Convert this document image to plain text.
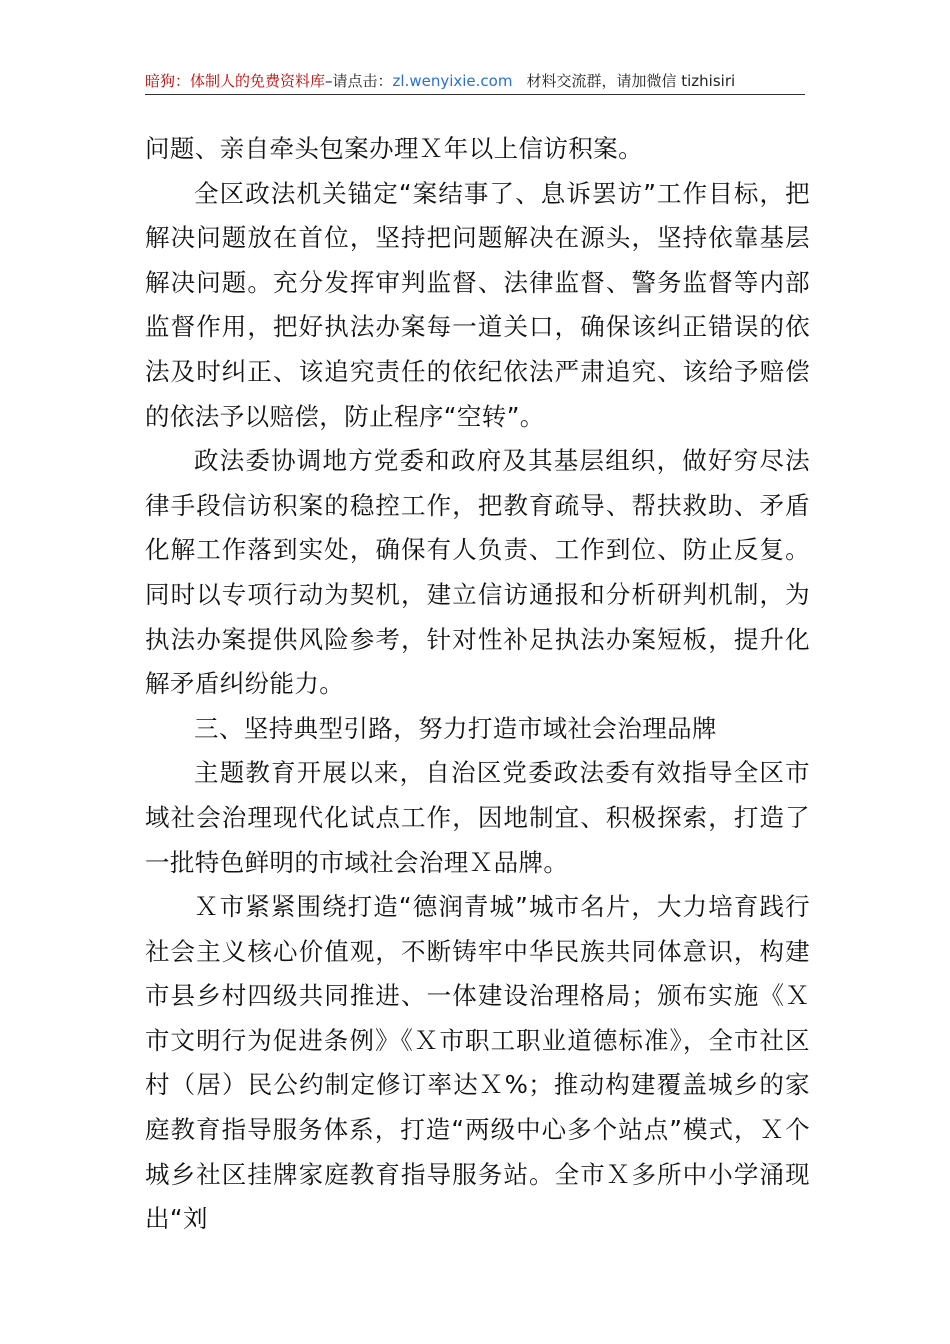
暗狗：体制人的免费资料库–请点击：zl.wenyixie.com 材料交流群，请加微信 tizhisiri

问题、亲自牵头包案办理Ｘ年以上信访积案。

全区政法机关锚定“案结事了、息诉罢访”工作目标，把解决问题放在首位，坚持把问题解决在源头，坚持依靠基层解决问题。充分发挥审判监督、法律监督、警务监督等内部监督作用，把好执法办案每一道关口，确保该纠正错误的依法及时纠正、该追究责任的依纪依法严肃追究、该给予赔偿的依法予以赔偿，防止程序“空转”。

政法委协调地方党委和政府及其基层组织，做好穷尽法律手段信访积案的稳控工作，把教育疏导、帮扶救助、矛盾化解工作落到实处，确保有人负责、工作到位、防止反复。同时以专项行动为契机，建立信访通报和分析研判机制，为执法办案提供风险参考，针对性补足执法办案短板，提升化解矛盾纠纷能力。

三、坚持典型引路，努力打造市域社会治理品牌

主题教育开展以来，自治区党委政法委有效指导全区市域社会治理现代化试点工作，因地制宜、积极探索，打造了一批特色鲜明的市域社会治理Ｘ品牌。

Ｘ市紧紧围绕打造“德润青城”城市名片，大力培育践行社会主义核心价值观，不断铸牢中华民族共同体意识，构建市县乡村四级共同推进、一体建设治理格局；颁布实施《Ｘ市文明行为促进条例》《Ｘ市职工职业道德标准》，全市社区村（居）民公约制定修订率达Ｘ%；推动构建覆盖城乡的家庭教育指导服务体系，打造“两级中心多个站点”模式，Ｘ个城乡社区挂牌家庭教育指导服务站。全市Ｘ多所中小学涌现出“刘
